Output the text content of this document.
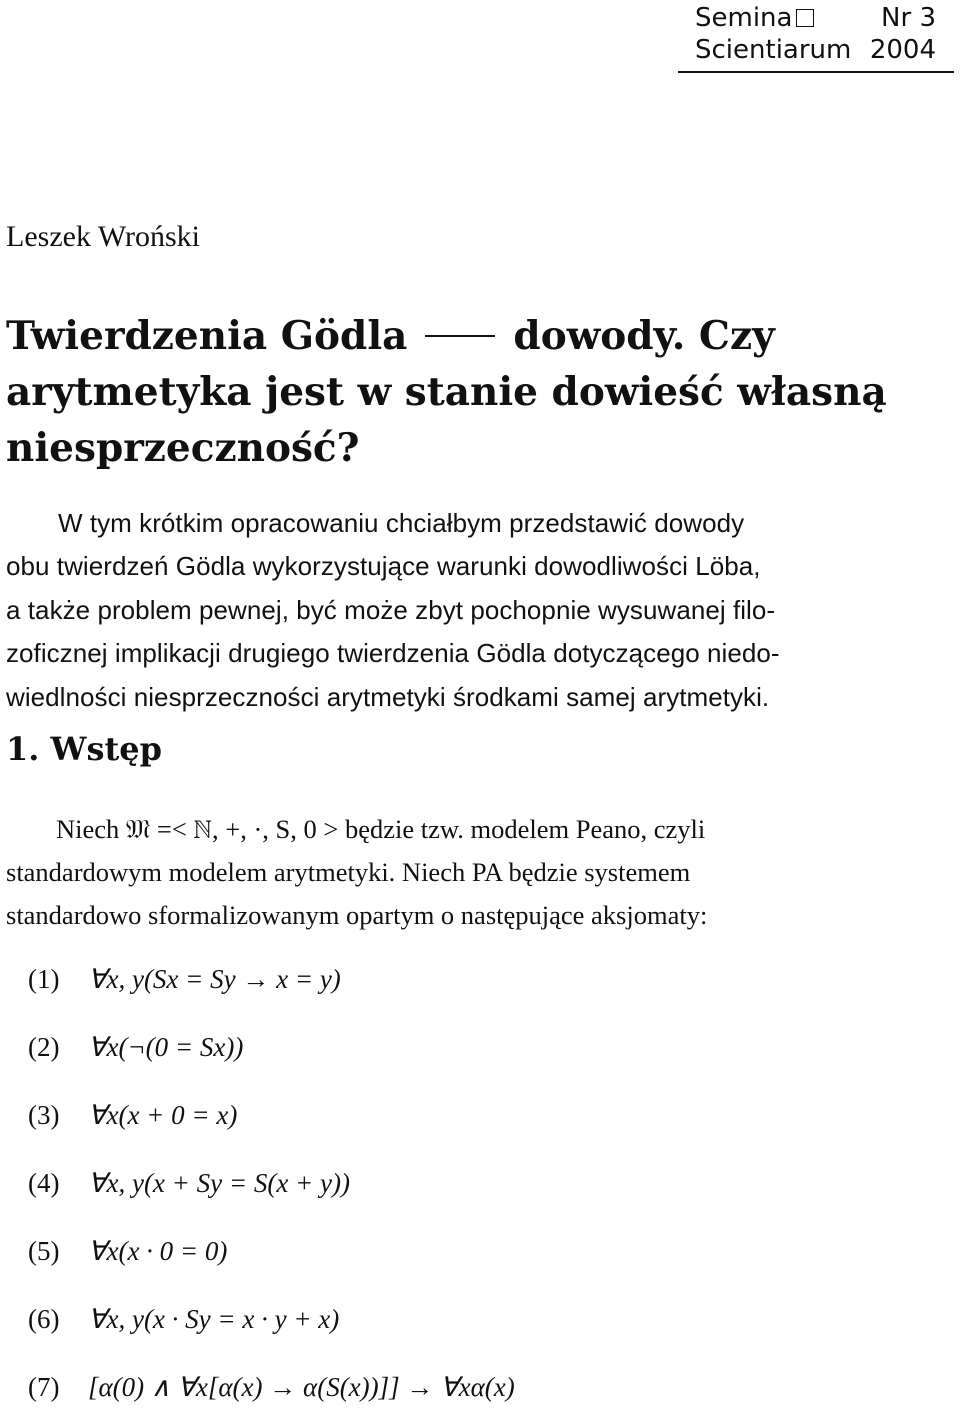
Semina
Scientiarum
Nr 3
2004
Leszek Wroński
Twierdzenia Gödla	dowody. Czy
arytmetyka jest w stanie dowieść własną
niesprzeczność?
W tym krótkim opracowaniu chciałbym przedstawić dowody
obu twierdzeń Gödla wykorzystujące warunki dowodliwości Löba,
a także problem pewnej, być może zbyt pochopnie wysuwanej filo-
zoficznej implikacji drugiego twierdzenia Gödla dotyczącego niedo-
wiedlności niesprzeczności arytmetyki środkami samej arytmetyki.
1. Wstęp
Niech 𝔐 =< ℕ, +, ·, S, 0 > będzie tzw. modelem Peano, czyli
standardowym modelem arytmetyki. Niech PA będzie systemem
standardowo sformalizowanym opartym o następujące aksjomaty:
(1) ∀x, y(Sx = Sy → x = y)
(2) ∀x(¬(0 = Sx))
(3) ∀x(x + 0 = x)
(4) ∀x, y(x + Sy = S(x + y))
(5) ∀x(x · 0 = 0)
(6) ∀x, y(x · Sy = x · y + x)
(7) [α(0) ∧ ∀x[α(x) → α(S(x))]] → ∀xα(x)
